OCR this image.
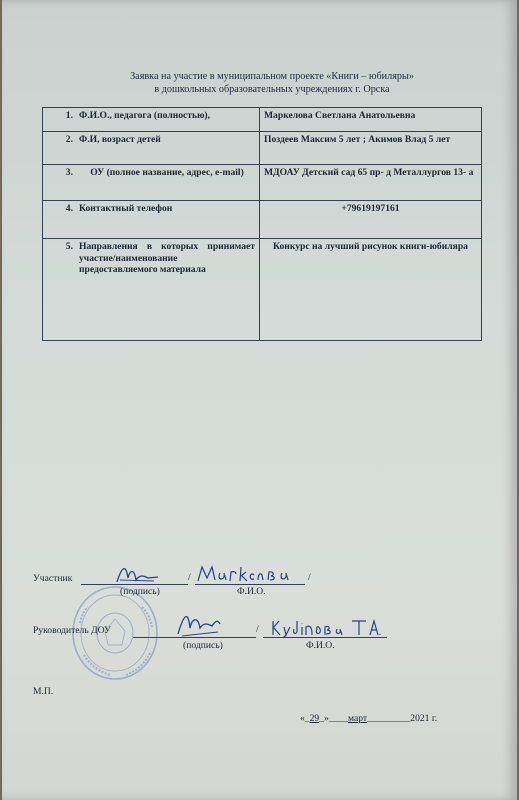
Заявка на участие в муниципальном проекте «Книги – юбиляры»
в дошкольных образовательных учреждениях г. Орска
1. Ф.И.О., педагога (полностью),	Маркелова Светлана Анатольевна
2. Ф.И, возраст детей	Поздеев Максим 5 лет ; Акимов Влад 5 лет

3. ОУ (полное название, адрес, e-mail)	МДОАУ Детский сад 65 пр- д Металлургов 13- а
4. Контактный телефон	+79619197161

5. Направления в которых принимает участие/наименование предоставляемого материала	Конкурс на лучший рисунок книги-юбиляра
Участник	/	/
(подпись)	Ф.И.О.
Руководитель ДОУ	/
(подпись)	Ф.И.О.
М.П.
«_29_»____март_________2021 г.
